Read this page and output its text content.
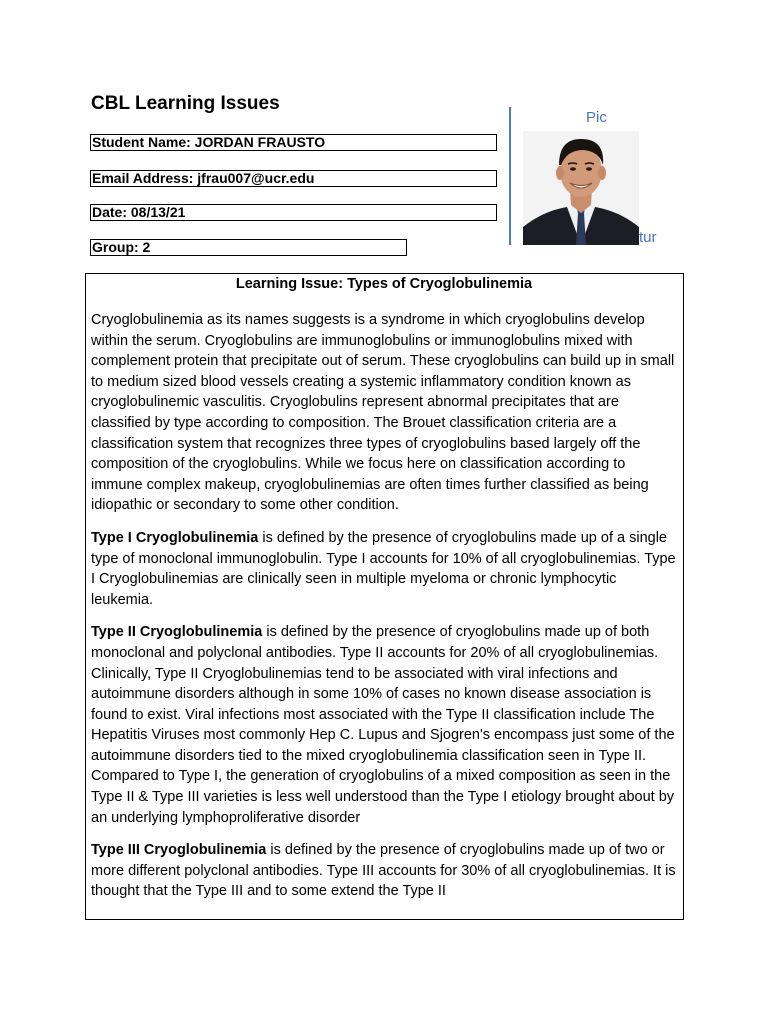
CBL Learning Issues
Student Name: JORDAN FRAUSTO
Email Address: jfrau007@ucr.edu
Date: 08/13/21
Group: 2
Pic
tur
Learning Issue: Types of Cryoglobulinemia

Cryoglobulinemia as its names suggests is a syndrome in which cryoglobulins develop within the serum. Cryoglobulins are immunoglobulins or immunoglobulins mixed with complement protein that precipitate out of serum. These cryoglobulins can build up in small to medium sized blood vessels creating a systemic inflammatory condition known as cryoglobulinemic vasculitis. Cryoglobulins represent abnormal precipitates that are classified by type according to composition. The Brouet classification criteria are a classification system that recognizes three types of cryoglobulins based largely off the composition of the cryoglobulins. While we focus here on classification according to immune complex makeup, cryoglobulinemias are often times further classified as being idiopathic or secondary to some other condition.

Type I Cryoglobulinemia is defined by the presence of cryoglobulins made up of a single type of monoclonal immunoglobulin. Type I accounts for 10% of all cryoglobulinemias. Type I Cryoglobulinemias are clinically seen in multiple myeloma or chronic lymphocytic leukemia.

Type II Cryoglobulinemia is defined by the presence of cryoglobulins made up of both monoclonal and polyclonal antibodies. Type II accounts for 20% of all cryoglobulinemias. Clinically, Type II Cryoglobulinemias tend to be associated with viral infections and autoimmune disorders although in some 10% of cases no known disease association is found to exist. Viral infections most associated with the Type II classification include The Hepatitis Viruses most commonly Hep C. Lupus and Sjogren's encompass just some of the autoimmune disorders tied to the mixed cryoglobulinemia classification seen in Type II. Compared to Type I, the generation of cryoglobulins of a mixed composition as seen in the Type II & Type III varieties is less well understood than the Type I etiology brought about by an underlying lymphoproliferative disorder

Type III Cryoglobulinemia is defined by the presence of cryoglobulins made up of two or more different polyclonal antibodies. Type III accounts for 30% of all cryoglobulinemias. It is thought that the Type III and to some extend the Type II
